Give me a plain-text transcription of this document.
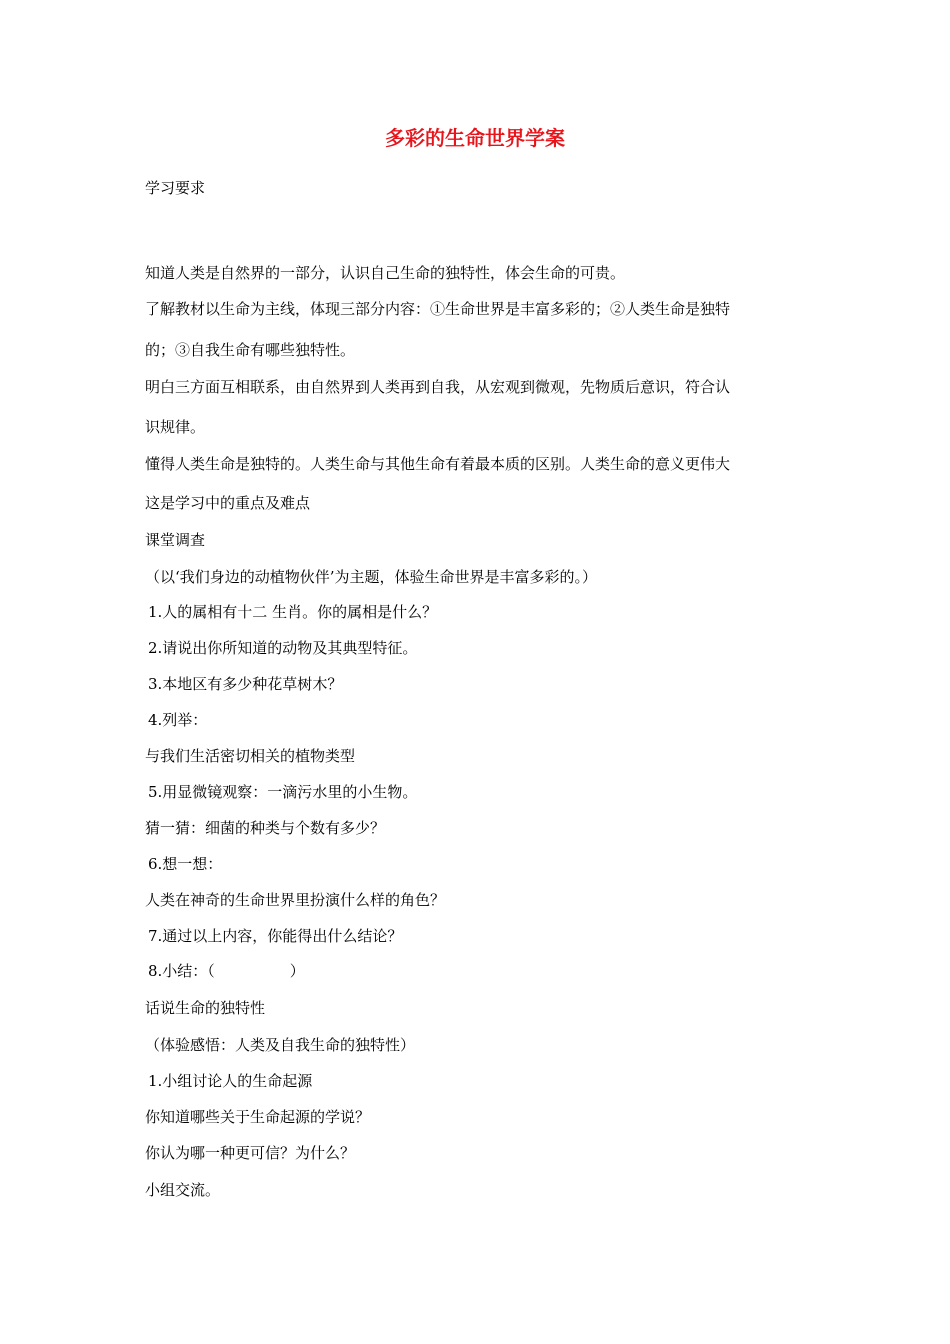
多彩的生命世界学案

学习要求

知道人类是自然界的一部分，认识自己生命的独特性，体会生命的可贵。

了解教材以生命为主线，体现三部分内容：①生命世界是丰富多彩的；②人类生命是独特

的；③自我生命有哪些独特性。

明白三方面互相联系，由自然界到人类再到自我，从宏观到微观，先物质后意识，符合认

识规律。

懂得人类生命是独特的。人类生命与其他生命有着最本质的区别。人类生命的意义更伟大

这是学习中的重点及难点

课堂调查

（以‘我们身边的动植物伙伴’为主题，体验生命世界是丰富多彩的。）

1.人的属相有十二 生肖。你的属相是什么？

2.请说出你所知道的动物及其典型特征。

3.本地区有多少种花草树木？

4.列举：

与我们生活密切相关的植物类型

5.用显微镜观察：一滴污水里的小生物。

猜一猜：细菌的种类与个数有多少？

6.想一想：

人类在神奇的生命世界里扮演什么样的角色？

7.通过以上内容，你能得出什么结论？

8.小结：（　　　　　）

话说生命的独特性

（体验感悟：人类及自我生命的独特性）

1.小组讨论人的生命起源

你知道哪些关于生命起源的学说？

你认为哪一种更可信？为什么？

小组交流。
